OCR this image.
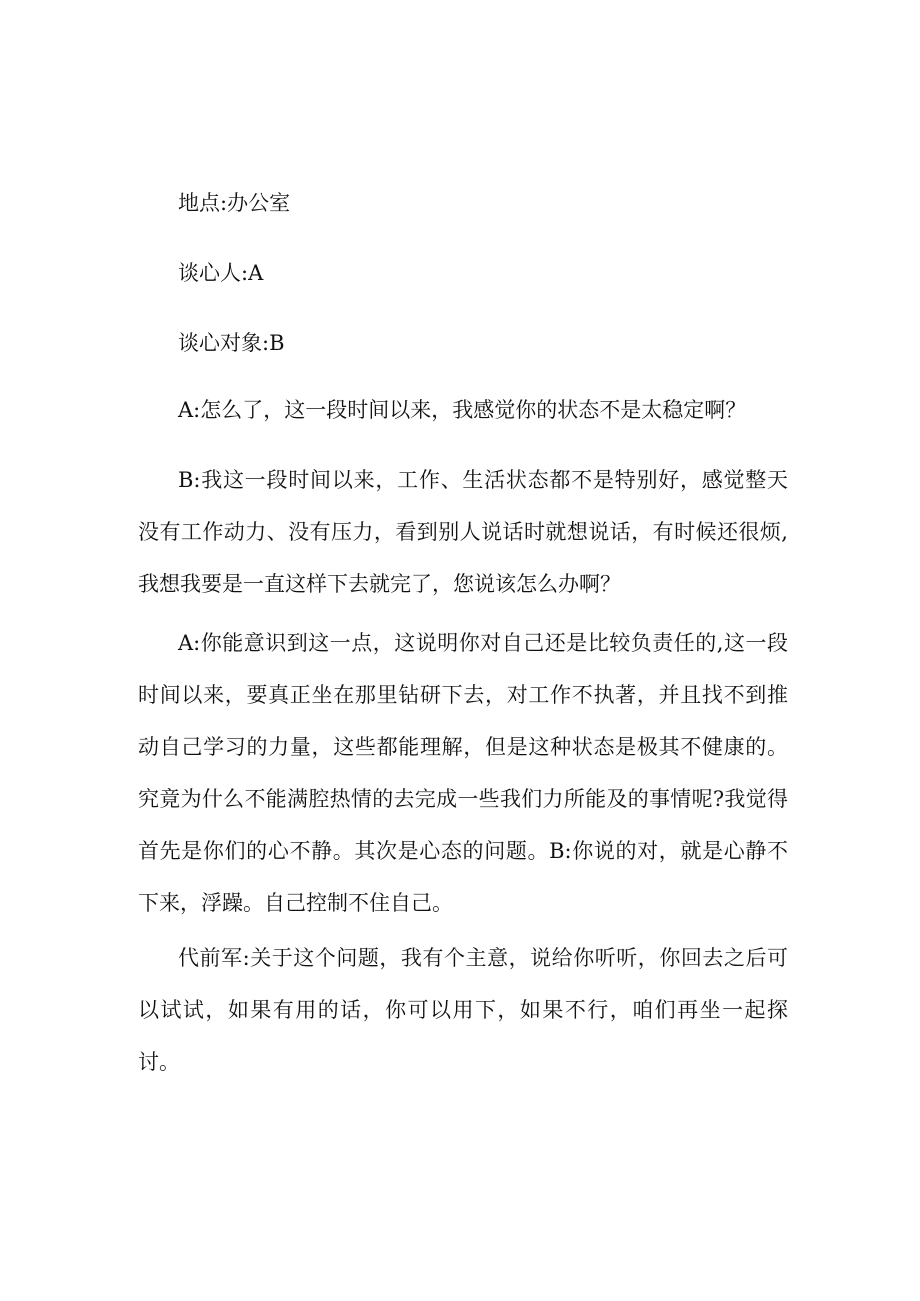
地点:办公室
谈心人:A
谈心对象:B

A:怎么了，这一段时间以来，我感觉你的状态不是太稳定啊？

B:我这一段时间以来，工作、生活状态都不是特别好，感觉整天没有工作动力、没有压力，看到别人说话时就想说话，有时候还很烦,我想我要是一直这样下去就完了，您说该怎么办啊？

A:你能意识到这一点，这说明你对自己还是比较负责任的,这一段时间以来，要真正坐在那里钻研下去，对工作不执著，并且找不到推动自己学习的力量，这些都能理解，但是这种状态是极其不健康的。究竟为什么不能满腔热情的去完成一些我们力所能及的事情呢?我觉得首先是你们的心不静。其次是心态的问题。B:你说的对，就是心静不下来，浮躁。自己控制不住自己。

代前军:关于这个问题，我有个主意，说给你听听，你回去之后可以试试，如果有用的话，你可以用下，如果不行，咱们再坐一起探讨。
